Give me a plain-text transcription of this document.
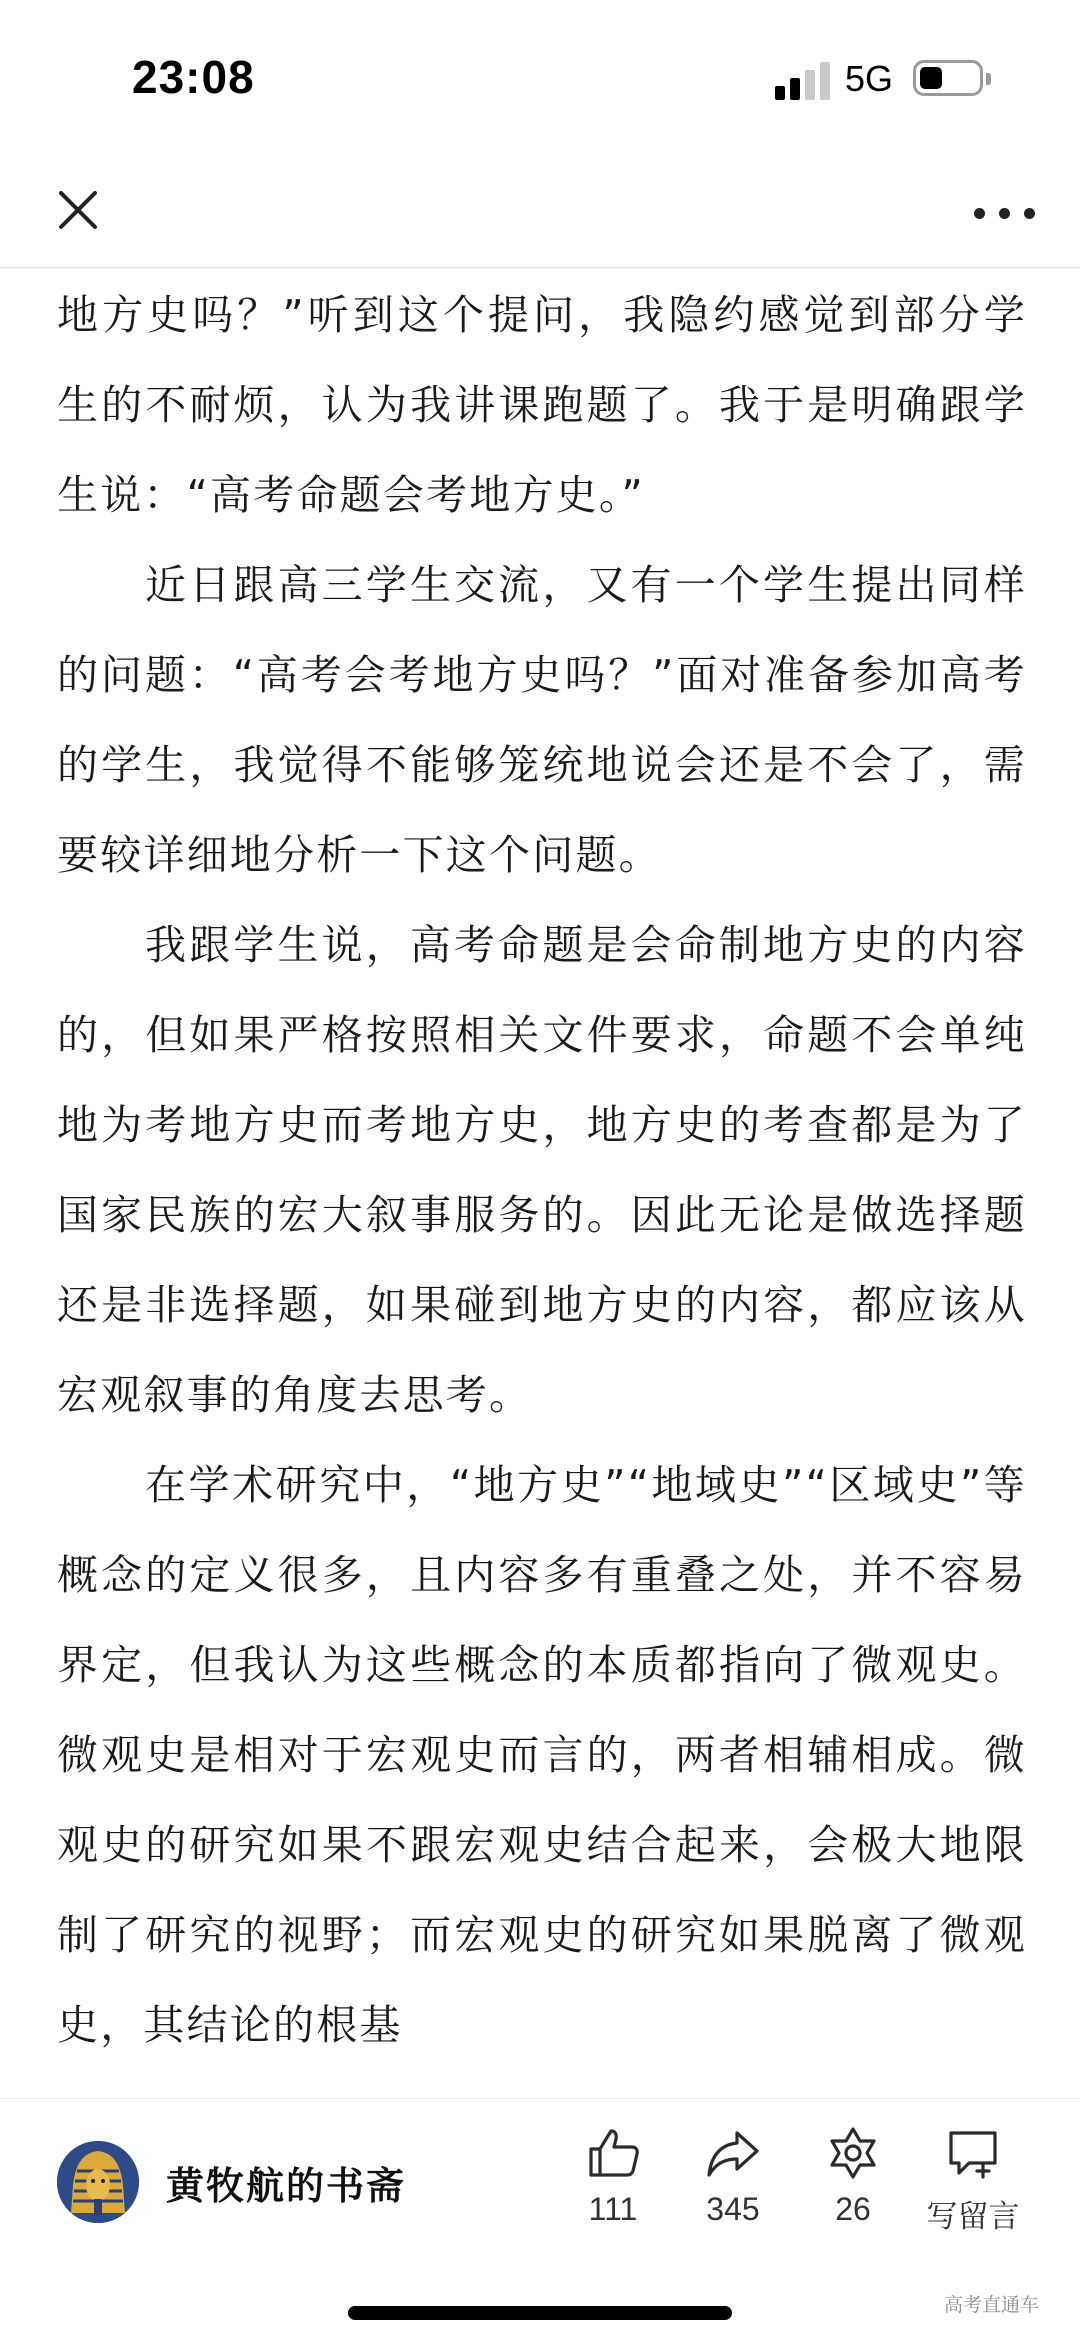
23:08	5G

地方史吗？”听到这个提问，我隐约感觉到部分学生的不耐烦，认为我讲课跑题了。我于是明确跟学生说：“高考命题会考地方史。”

近日跟高三学生交流，又有一个学生提出同样的问题：“高考会考地方史吗？”面对准备参加高考的学生，我觉得不能够笼统地说会还是不会了，需要较详细地分析一下这个问题。

我跟学生说，高考命题是会命制地方史的内容的，但如果严格按照相关文件要求，命题不会单纯地为考地方史而考地方史，地方史的考查都是为了国家民族的宏大叙事服务的。因此无论是做选择题还是非选择题，如果碰到地方史的内容，都应该从宏观叙事的角度去思考。

在学术研究中，“地方史”“地域史”“区域史”等概念的定义很多，且内容多有重叠之处，并不容易界定，但我认为这些概念的本质都指向了微观史。微观史是相对于宏观史而言的，两者相辅相成。微观史的研究如果不跟宏观史结合起来，会极大地限制了研究的视野；而宏观史的研究如果脱离了微观史，其结论的根基

黄牧航的书斋
111	345	26	写留言
高考直通车
